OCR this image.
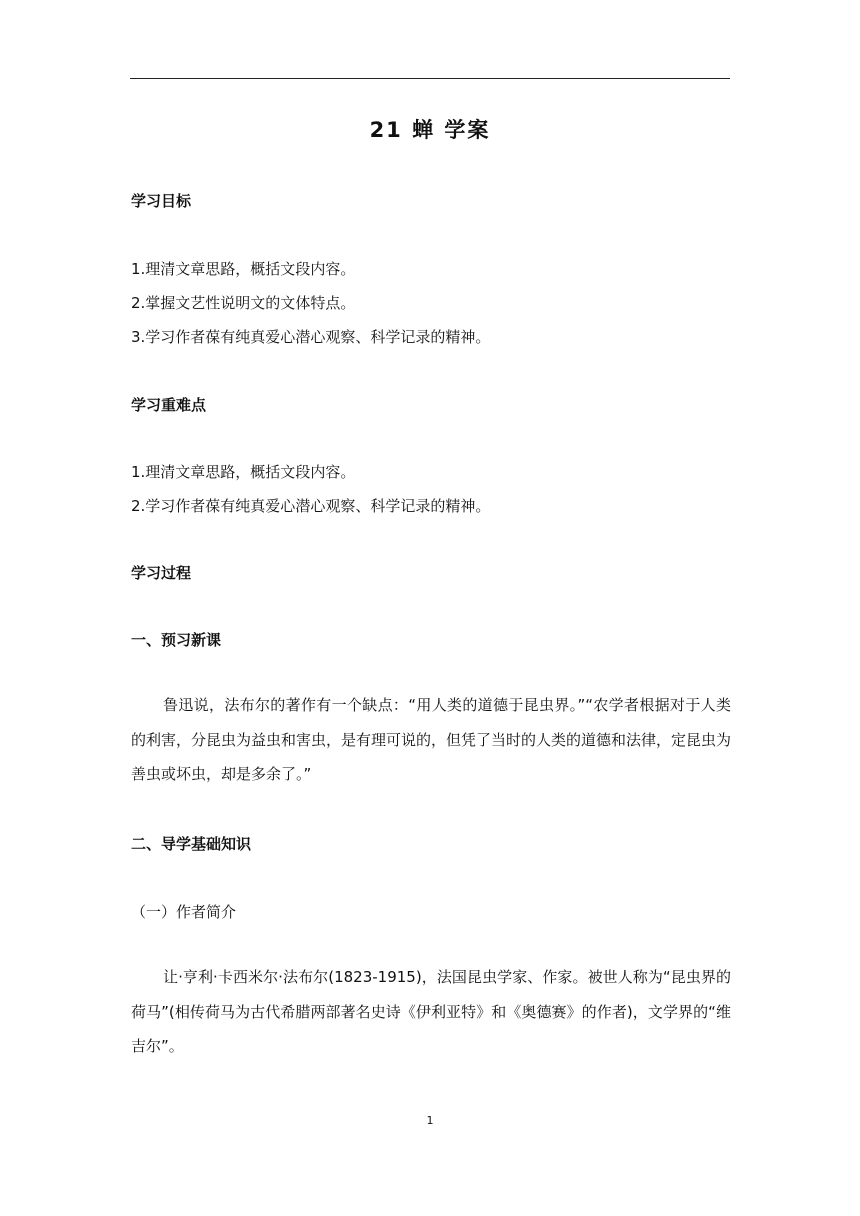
21 蝉 学案
学习目标
1.理清文章思路，概括文段内容。
2.掌握文艺性说明文的文体特点。
3.学习作者葆有纯真爱心潜心观察、科学记录的精神。
学习重难点
1.理清文章思路，概括文段内容。
2.学习作者葆有纯真爱心潜心观察、科学记录的精神。
学习过程
一、预习新课
鲁迅说，法布尔的著作有一个缺点：“用人类的道德于昆虫界。”“农学者根据对于人类的利害，分昆虫为益虫和害虫，是有理可说的，但凭了当时的人类的道德和法律，定昆虫为善虫或坏虫，却是多余了。”
二、导学基础知识
（一）作者简介
让·亨利·卡西米尔·法布尔(1823-1915)，法国昆虫学家、作家。被世人称为“昆虫界的荷马”(相传荷马为古代希腊两部著名史诗《伊利亚特》和《奥德赛》的作者)，文学界的“维吉尔”。
1
